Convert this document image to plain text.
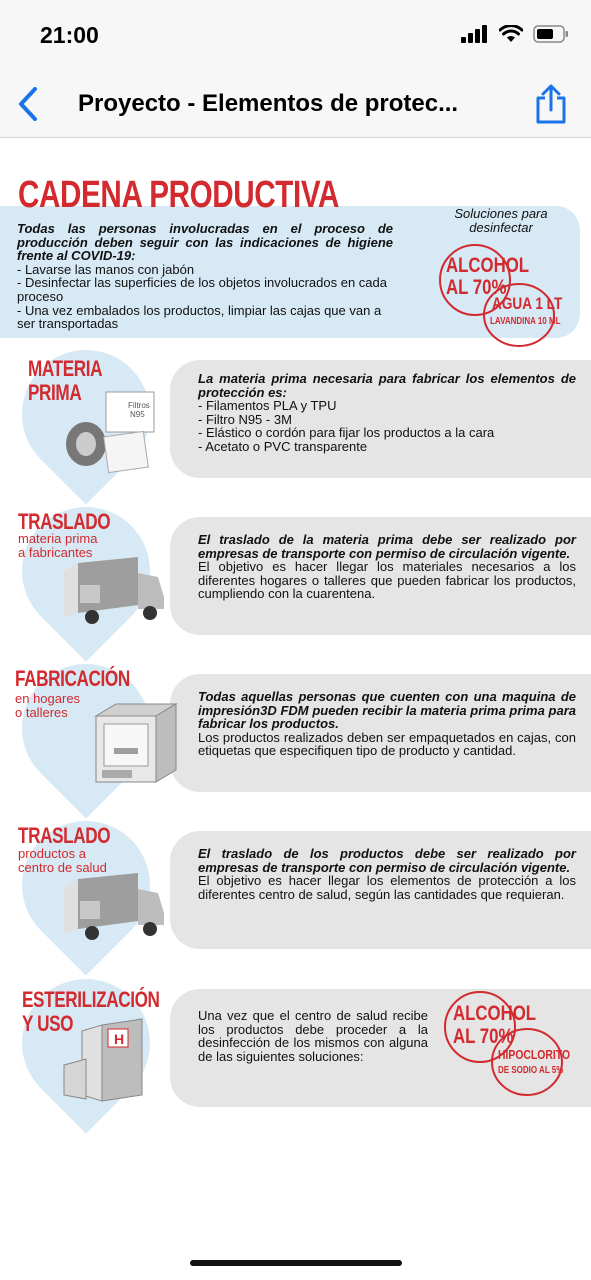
21:00
Proyecto - Elementos de protec...
CADENA PRODUCTIVA
Todas las personas involucradas en el proceso de producción deben seguir con las indicaciones de higiene frente al COVID-19:
- Lavarse las manos con jabón
- Desinfectar las superficies de los objetos involucrados en cada proceso
- Una vez embalados los productos, limpiar las cajas que van a ser transportadas
Soluciones para desinfectar
ALCOHOL
AL 70%
AGUA 1 LT
LAVANDINA 10 ML
MATERIA
PRIMA
Filtros
N95
La materia prima necesaria para fabricar los elementos de protección es:
- Filamentos PLA y TPU
- Filtro N95 - 3M
- Elástico o cordón para fijar los productos a la cara
- Acetato o PVC transparente
TRASLADO
materia prima
a fabricantes
El traslado de la materia prima debe ser realizado por empresas de transporte con permiso de circulación vigente.
El objetivo es hacer llegar los materiales necesarios a los diferentes hogares o talleres que pueden fabricar los productos, cumpliendo con la cuarentena.
FABRICACIÓN
en hogares
o talleres
Todas aquellas personas que cuenten con una maquina de impresión3D FDM pueden recibir la materia prima prima para fabricar los productos.
Los productos realizados deben ser empaquetados en cajas, con etiquetas que especifiquen tipo de producto y cantidad.
TRASLADO
productos a
centro de salud
El traslado de los productos debe ser realizado por empresas de transporte con permiso de circulación vigente.
El objetivo es hacer llegar los elementos de protección a los diferentes centro de salud, según las cantidades que requieran.
ESTERILIZACIÓN
Y USO
H
Una vez que el centro de salud recibe los productos debe proceder a la desinfección de los mismos con alguna de las siguientes soluciones:
ALCOHOL
AL 70%
HIPOCLORITO
DE SODIO AL 5%
